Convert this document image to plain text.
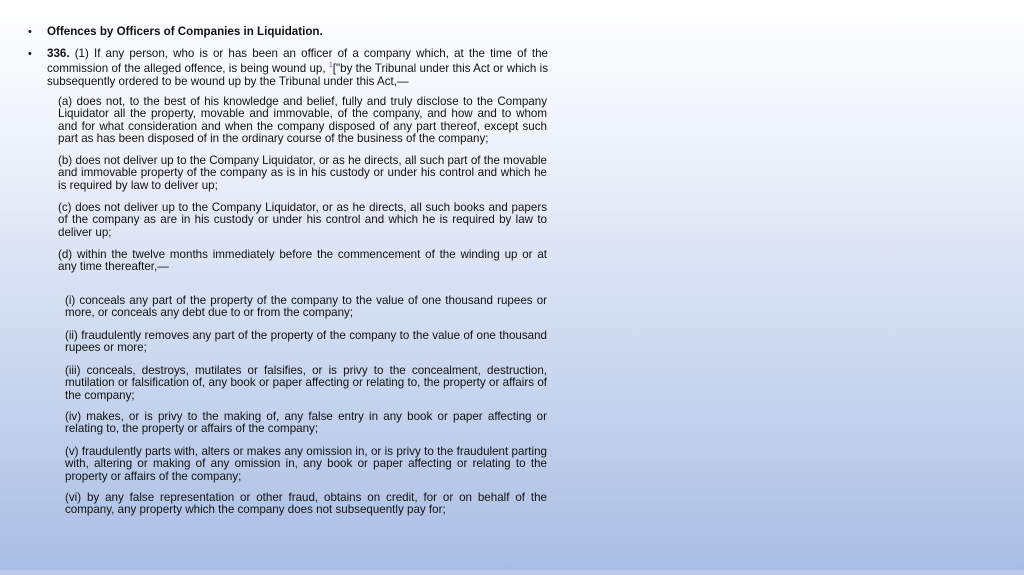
• Offences by Officers of Companies in Liquidation.
• 336. (1) If any person, who is or has been an officer of a company which, at the time of the commission of the alleged offence, is being wound up, $^1$["by the Tribunal under this Act or which is subsequently ordered to be wound up by the Tribunal under this Act,—
(a) does not, to the best of his knowledge and belief, fully and truly disclose to the Company Liquidator all the property, movable and immovable, of the company, and how and to whom and for what consideration and when the company disposed of any part thereof, except such part as has been disposed of in the ordinary course of the business of the company;
(b) does not deliver up to the Company Liquidator, or as he directs, all such part of the movable and immovable property of the company as is in his custody or under his control and which he is required by law to deliver up;
(c) does not deliver up to the Company Liquidator, or as he directs, all such books and papers of the company as are in his custody or under his control and which he is required by law to deliver up;
(d) within the twelve months immediately before the commencement of the winding up or at any time thereafter,—
(i) conceals any part of the property of the company to the value of one thousand rupees or more, or conceals any debt due to or from the company;
(ii) fraudulently removes any part of the property of the company to the value of one thousand rupees or more;
(iii) conceals, destroys, mutilates or falsifies, or is privy to the concealment, destruction, mutilation or falsification of, any book or paper affecting or relating to, the property or affairs of the company;
(iv) makes, or is privy to the making of, any false entry in any book or paper affecting or relating to, the property or affairs of the company;
(v) fraudulently parts with, alters or makes any omission in, or is privy to the fraudulent parting with, altering or making of any omission in, any book or paper affecting or relating to the property or affairs of the company;
(vi) by any false representation or other fraud, obtains on credit, for or on behalf of the company, any property which the company does not subsequently pay for;
